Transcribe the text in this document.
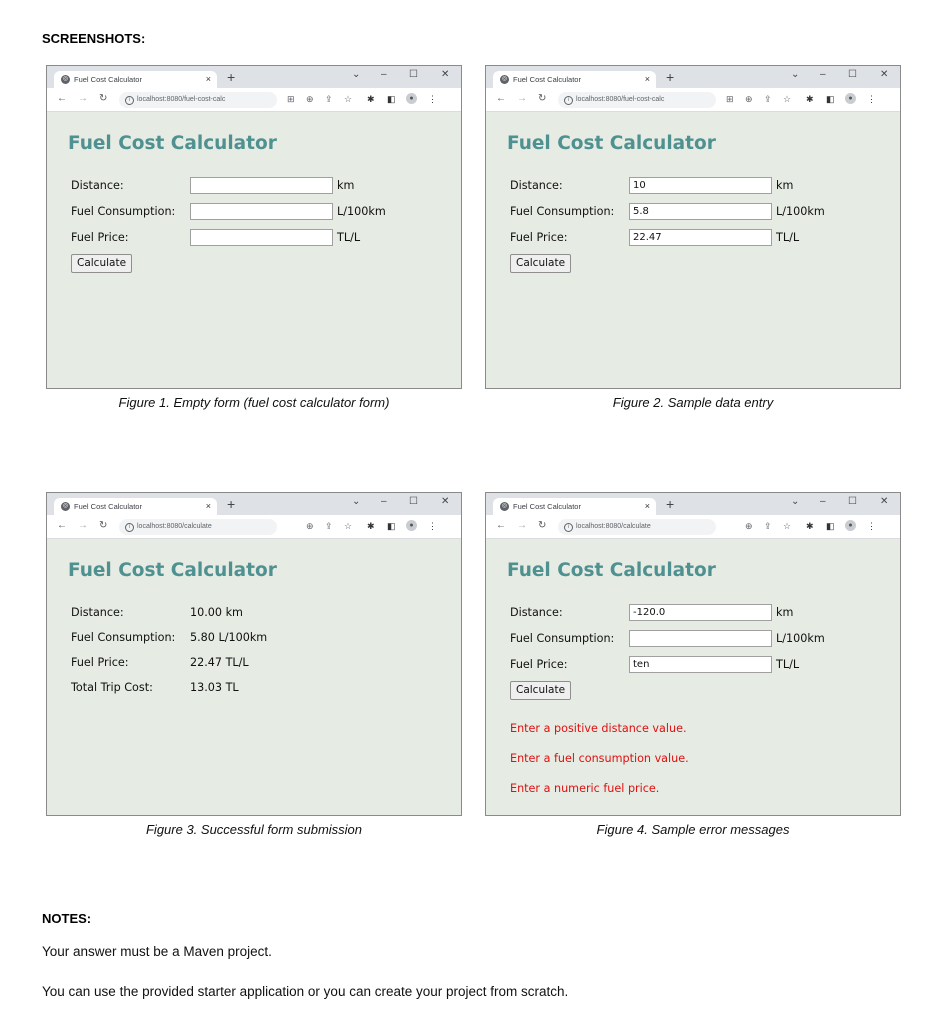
SCREENSHOTS:
◎ Fuel Cost Calculator	× +	⌄ – ☐ ✕
← → ↻	i localhost:8080/fuel-cost-calc	⊞ ⊕ ⇪ ☆ ✱ ◧	●	⋮
Fuel Cost Calculator
Distance:	km
Fuel Consumption:	L/100km
Fuel Price:	TL/L
Calculate
Figure 1. Empty form (fuel cost calculator form)
◎ Fuel Cost Calculator	× +	⌄ – ☐ ✕
← → ↻	i localhost:8080/fuel-cost-calc	⊞ ⊕ ⇪ ☆ ✱ ◧	●	⋮
Fuel Cost Calculator
Distance:
10	km
Fuel Consumption:
5.8	L/100km
Fuel Price:
22.47	TL/L
Calculate
Figure 2. Sample data entry
◎ Fuel Cost Calculator	× +	⌄ – ☐ ✕
← → ↻	i localhost:8080/calculate	⊕ ⇪ ☆ ✱ ◧	●	⋮
Fuel Cost Calculator
Distance:	10.00 km
Fuel Consumption: 5.80 L/100km
Fuel Price:	22.47 TL/L
Total Trip Cost:	13.03 TL
Figure 3. Successful form submission
◎ Fuel Cost Calculator	× +	⌄ – ☐ ✕
← → ↻	i localhost:8080/calculate	⊕ ⇪ ☆ ✱ ◧	●	⋮
Fuel Cost Calculator
Distance:
-120.0	km
Fuel Consumption:	L/100km
Fuel Price:
ten	TL/L
Calculate
Enter a positive distance value.
Enter a fuel consumption value.
Enter a numeric fuel price.
Figure 4. Sample error messages
NOTES:

Your answer must be a Maven project.

You can use the provided starter application or you can create your project from scratch.
